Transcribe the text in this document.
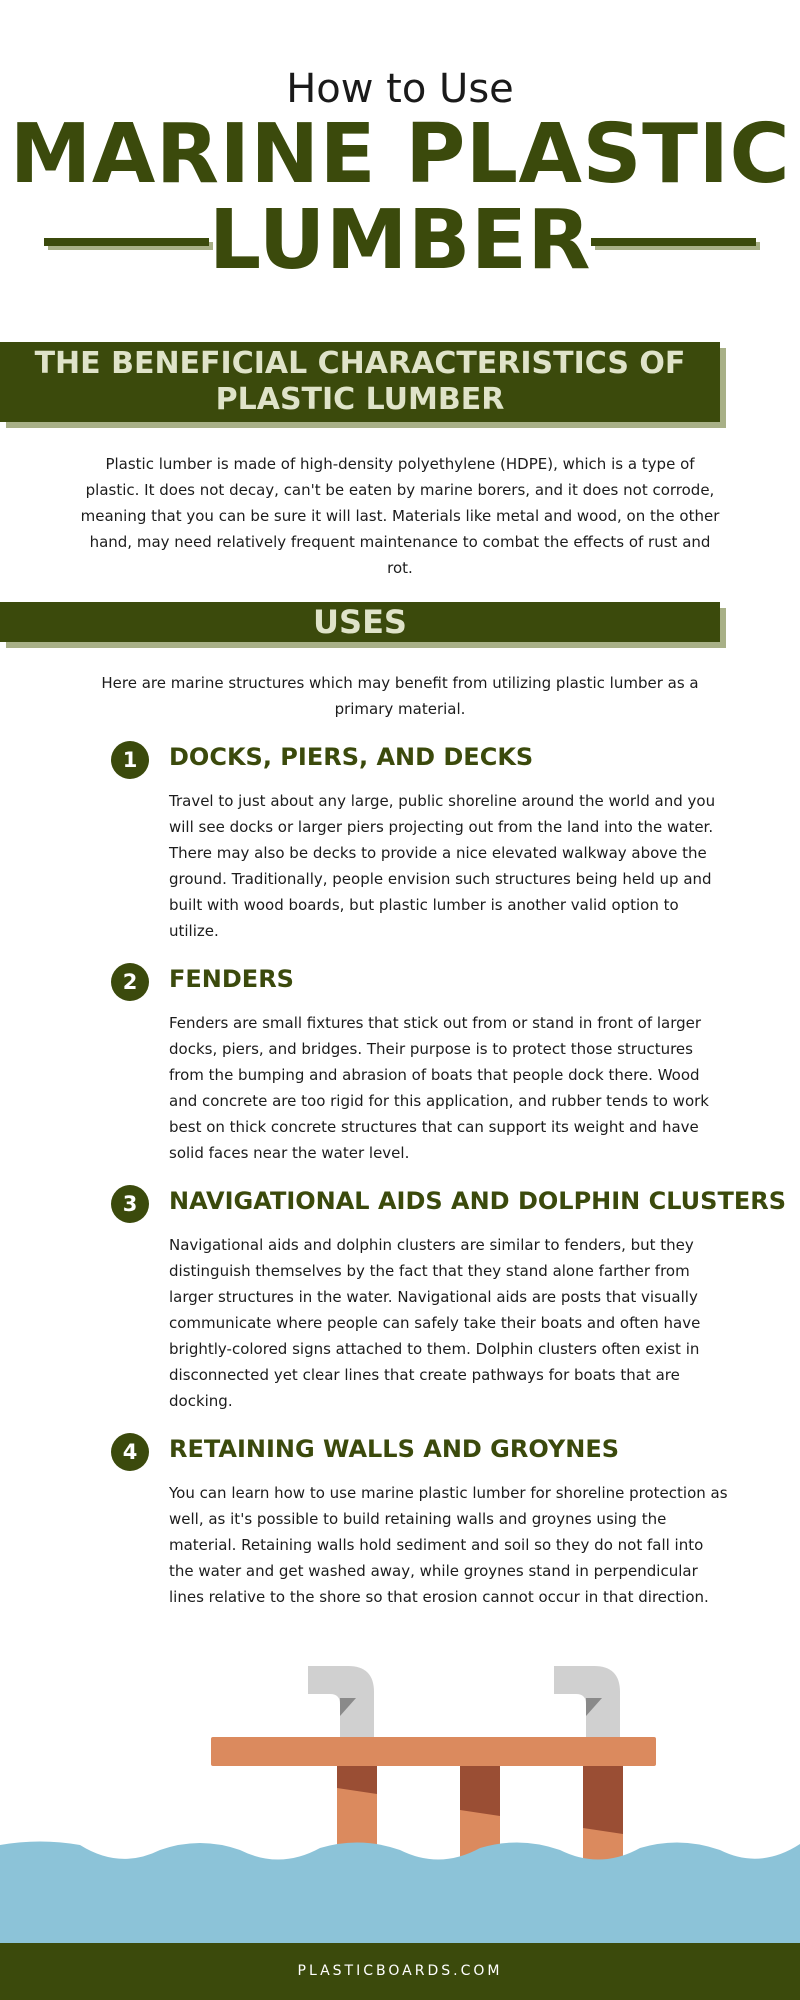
How to Use
MARINE PLASTIC
LUMBER
THE BENEFICIAL CHARACTERISTICS OF
PLASTIC LUMBER
Plastic lumber is made of high-density polyethylene (HDPE), which is a type of plastic. It does not decay, can't be eaten by marine borers, and it does not corrode, meaning that you can be sure it will last. Materials like metal and wood, on the other hand, may need relatively frequent maintenance to combat the effects of rust and rot.
USES
Here are marine structures which may benefit from utilizing plastic lumber as a primary material.
1	DOCKS, PIERS, AND DECKS
Travel to just about any large, public shoreline around the world and you will see docks or larger piers projecting out from the land into the water. There may also be decks to provide a nice elevated walkway above the ground. Traditionally, people envision such structures being held up and built with wood boards, but plastic lumber is another valid option to utilize.
2	FENDERS
Fenders are small fixtures that stick out from or stand in front of larger docks, piers, and bridges. Their purpose is to protect those structures from the bumping and abrasion of boats that people dock there. Wood and concrete are too rigid for this application, and rubber tends to work best on thick concrete structures that can support its weight and have solid faces near the water level.
3	NAVIGATIONAL AIDS AND DOLPHIN CLUSTERS
Navigational aids and dolphin clusters are similar to fenders, but they distinguish themselves by the fact that they stand alone farther from larger structures in the water. Navigational aids are posts that visually communicate where people can safely take their boats and often have brightly-colored signs attached to them. Dolphin clusters often exist in disconnected yet clear lines that create pathways for boats that are docking.
4	RETAINING WALLS AND GROYNES
You can learn how to use marine plastic lumber for shoreline protection as well, as it's possible to build retaining walls and groynes using the material. Retaining walls hold sediment and soil so they do not fall into the water and get washed away, while groynes stand in perpendicular lines relative to the shore so that erosion cannot occur in that direction.
PLASTICBOARDS.COM
